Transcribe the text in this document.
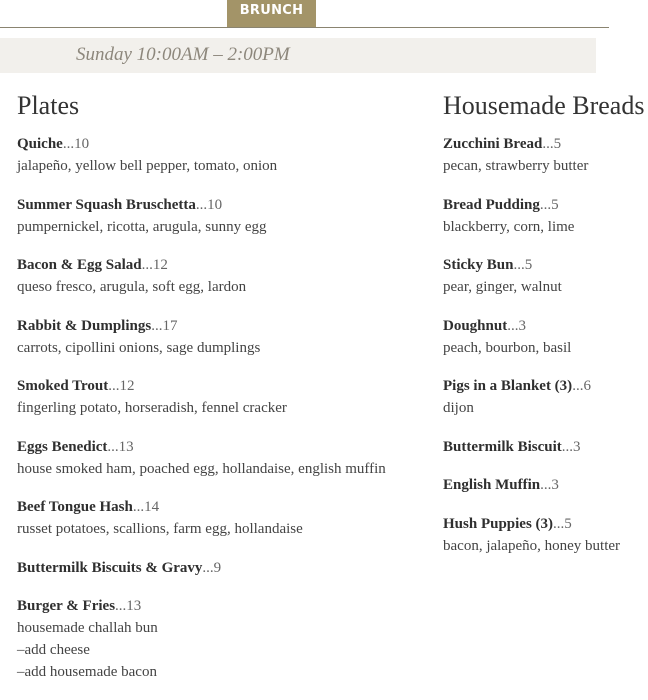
BRUNCH
Sunday 10:00AM – 2:00PM
Plates
Quiche...10
jalapeño, yellow bell pepper, tomato, onion
Summer Squash Bruschetta...10
pumpernickel, ricotta, arugula, sunny egg
Bacon & Egg Salad...12
queso fresco, arugula, soft egg, lardon
Rabbit & Dumplings...17
carrots, cipollini onions, sage dumplings
Smoked Trout...12
fingerling potato, horseradish, fennel cracker
Eggs Benedict...13
house smoked ham, poached egg, hollandaise, english muffin
Beef Tongue Hash...14
russet potatoes, scallions, farm egg, hollandaise
Buttermilk Biscuits & Gravy...9
Burger & Fries...13
housemade challah bun
–add cheese
–add housemade bacon
Housemade Breads
Zucchini Bread...5
pecan, strawberry butter
Bread Pudding...5
blackberry, corn, lime
Sticky Bun...5
pear, ginger, walnut
Doughnut...3
peach, bourbon, basil
Pigs in a Blanket (3)...6
dijon
Buttermilk Biscuit...3
English Muffin...3
Hush Puppies (3)...5
bacon, jalapeño, honey butter
